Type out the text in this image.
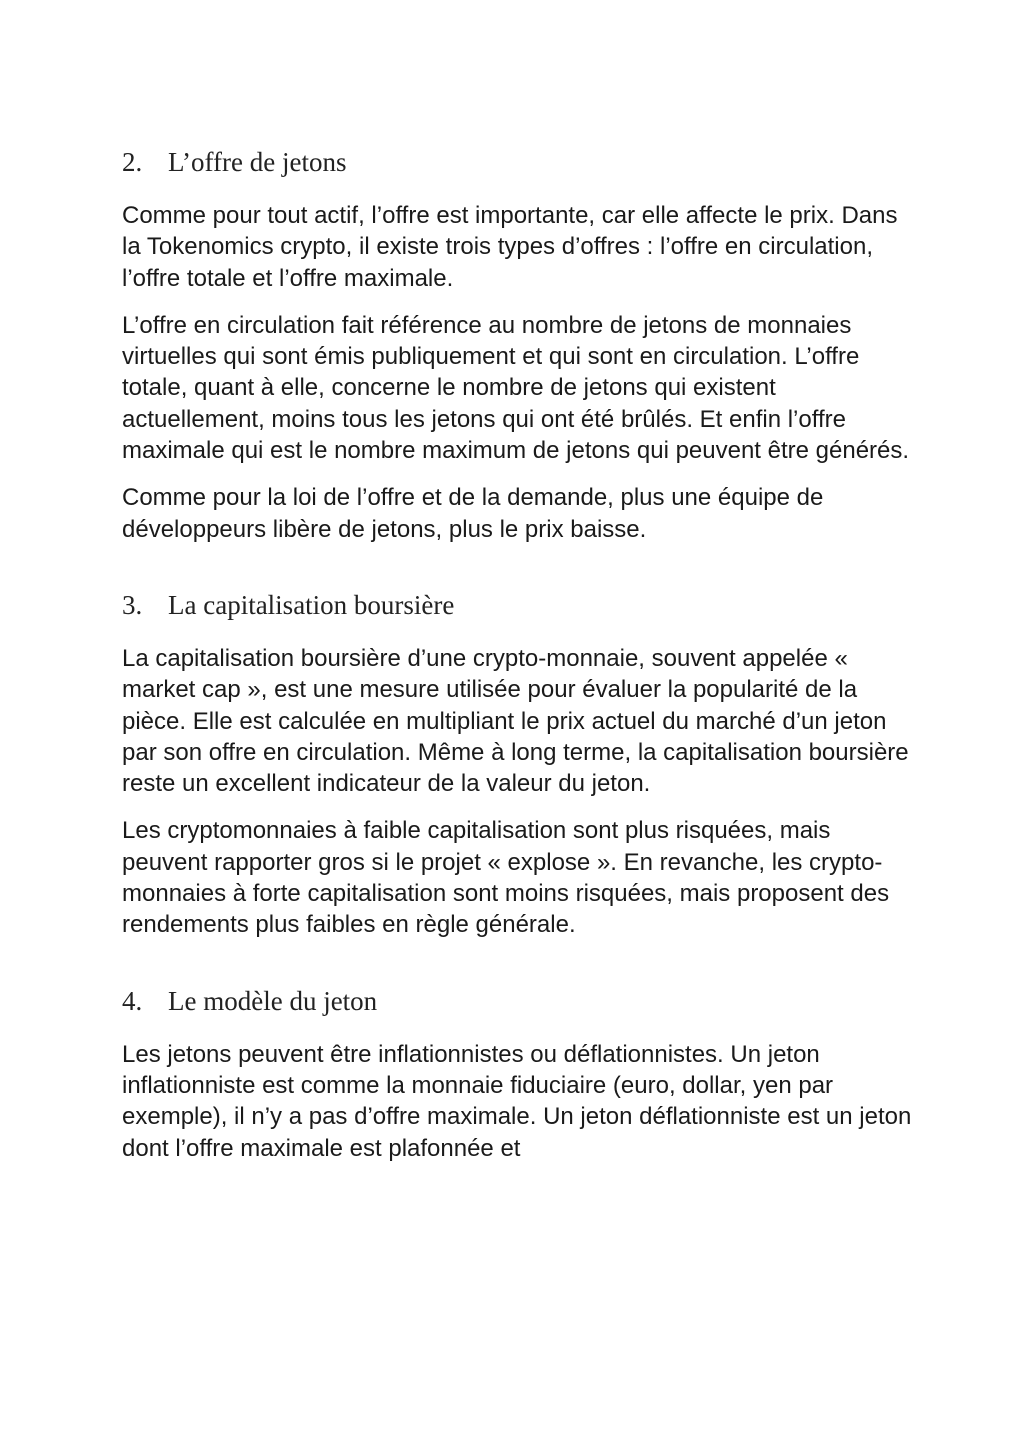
2. L’offre de jetons

Comme pour tout actif, l’offre est importante, car elle affecte le prix. Dans la Tokenomics crypto, il existe trois types d’offres : l’offre en circulation, l’offre totale et l’offre maximale.

L’offre en circulation fait référence au nombre de jetons de monnaies virtuelles qui sont émis publiquement et qui sont en circulation. L’offre totale, quant à elle, concerne le nombre de jetons qui existent actuellement, moins tous les jetons qui ont été brûlés. Et enfin l’offre maximale qui est le nombre maximum de jetons qui peuvent être générés.

Comme pour la loi de l’offre et de la demande, plus une équipe de développeurs libère de jetons, plus le prix baisse.

3. La capitalisation boursière

La capitalisation boursière d’une crypto-monnaie, souvent appelée « market cap », est une mesure utilisée pour évaluer la popularité de la pièce. Elle est calculée en multipliant le prix actuel du marché d’un jeton par son offre en circulation. Même à long terme, la capitalisation boursière reste un excellent indicateur de la valeur du jeton.

Les cryptomonnaies à faible capitalisation sont plus risquées, mais peuvent rapporter gros si le projet « explose ». En revanche, les crypto-monnaies à forte capitalisation sont moins risquées, mais proposent des rendements plus faibles en règle générale.

4. Le modèle du jeton

Les jetons peuvent être inflationnistes ou déflationnistes. Un jeton inflationniste est comme la monnaie fiduciaire (euro, dollar, yen par exemple), il n’y a pas d’offre maximale. Un jeton déflationniste est un jeton dont l’offre maximale est plafonnée et
